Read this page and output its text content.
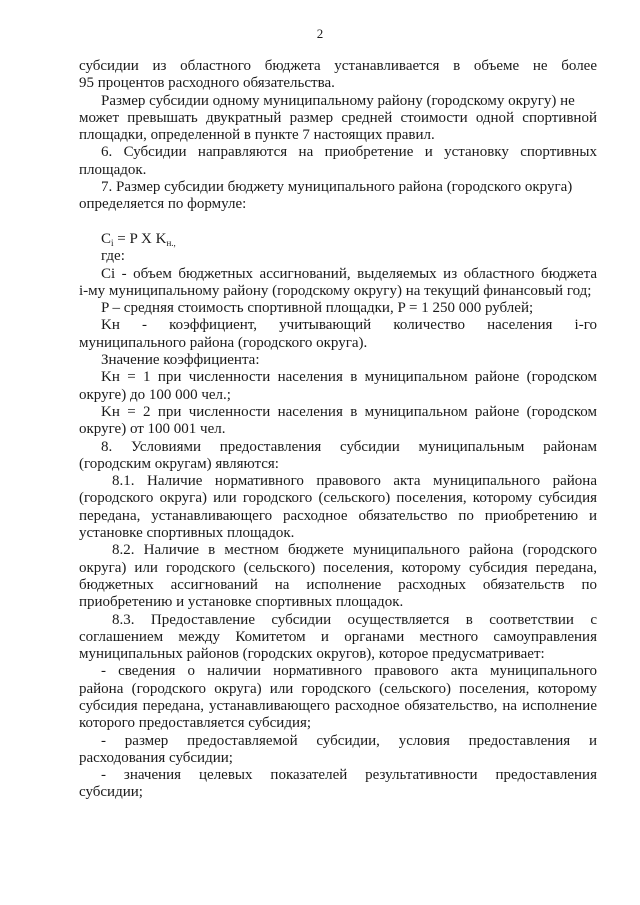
2
субсидии из областного бюджета устанавливается в объеме не более
95 процентов расходного обязательства.
Размер субсидии одному муниципальному району (городскому округу) не
может превышать двукратный размер средней стоимости одной спортивной
площадки, определенной в пункте 7 настоящих правил.
6. Субсидии направляются на приобретение и установку спортивных
площадок.
7. Размер субсидии бюджету муниципального района (городского округа)
определяется по формуле:
$C_i = P$ X $K_{н.,}$
где:
Ci - объем бюджетных ассигнований, выделяемых из областного бюджета
i-му муниципальному району (городскому округу) на текущий финансовый год;
P – средняя стоимость спортивной площадки, P = 1 250 000 рублей;
Kн - коэффициент, учитывающий количество населения i-го
муниципального района (городского округа).
Значение коэффициента:
Kн = 1 при численности населения в муниципальном районе (городском
округе) до 100 000 чел.;
Kн = 2 при численности населения в муниципальном районе (городском
округе) от 100 001 чел.
8. Условиями предоставления субсидии муниципальным районам
(городским округам) являются:
8.1. Наличие нормативного правового акта муниципального района
(городского округа) или городского (сельского) поселения, которому субсидия
передана, устанавливающего расходное обязательство по приобретению и
установке спортивных площадок.
8.2. Наличие в местном бюджете муниципального района (городского
округа) или городского (сельского) поселения, которому субсидия передана,
бюджетных ассигнований на исполнение расходных обязательств по
приобретению и установке спортивных площадок.
8.3. Предоставление субсидии осуществляется в соответствии с
соглашением между Комитетом и органами местного самоуправления
муниципальных районов (городских округов), которое предусматривает:
- сведения о наличии нормативного правового акта муниципального
района (городского округа) или городского (сельского) поселения, которому
субсидия передана, устанавливающего расходное обязательство, на исполнение
которого предоставляется субсидия;
- размер предоставляемой субсидии, условия предоставления и
расходования субсидии;
- значения целевых показателей результативности предоставления
субсидии;
